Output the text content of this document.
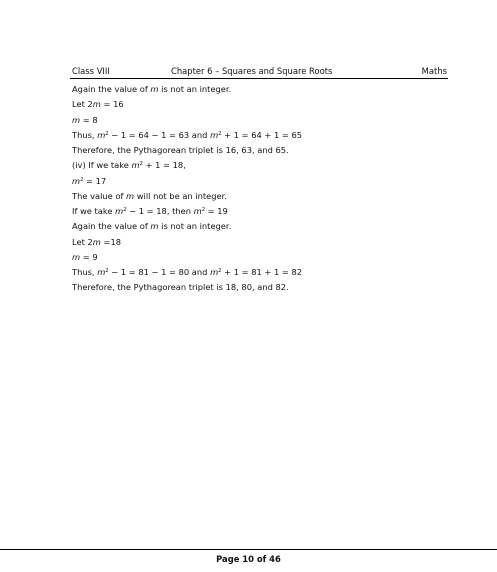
Class VIII	Chapter 6 – Squares and Square Roots	Maths
Again the value of m is not an integer.
Let 2m = 16
m = 8
Thus, $m^2 - 1 = 64 - 1 = 63$ and $m^2 + 1 = 64 + 1 = 65$
Therefore, the Pythagorean triplet is 16, 63, and 65.
(iv) If we take $m^2 + 1 = 18$,
$m^2 = 17$
The value of m will not be an integer.
If we take $m^2 - 1 = 18$, then $m^2 = 19$
Again the value of m is not an integer.
Let 2m =18
m = 9
Thus, $m^2 - 1 = 81 - 1 = 80$ and $m^2 + 1 = 81 + 1 = 82$
Therefore, the Pythagorean triplet is 18, 80, and 82.
Page 10 of 46
